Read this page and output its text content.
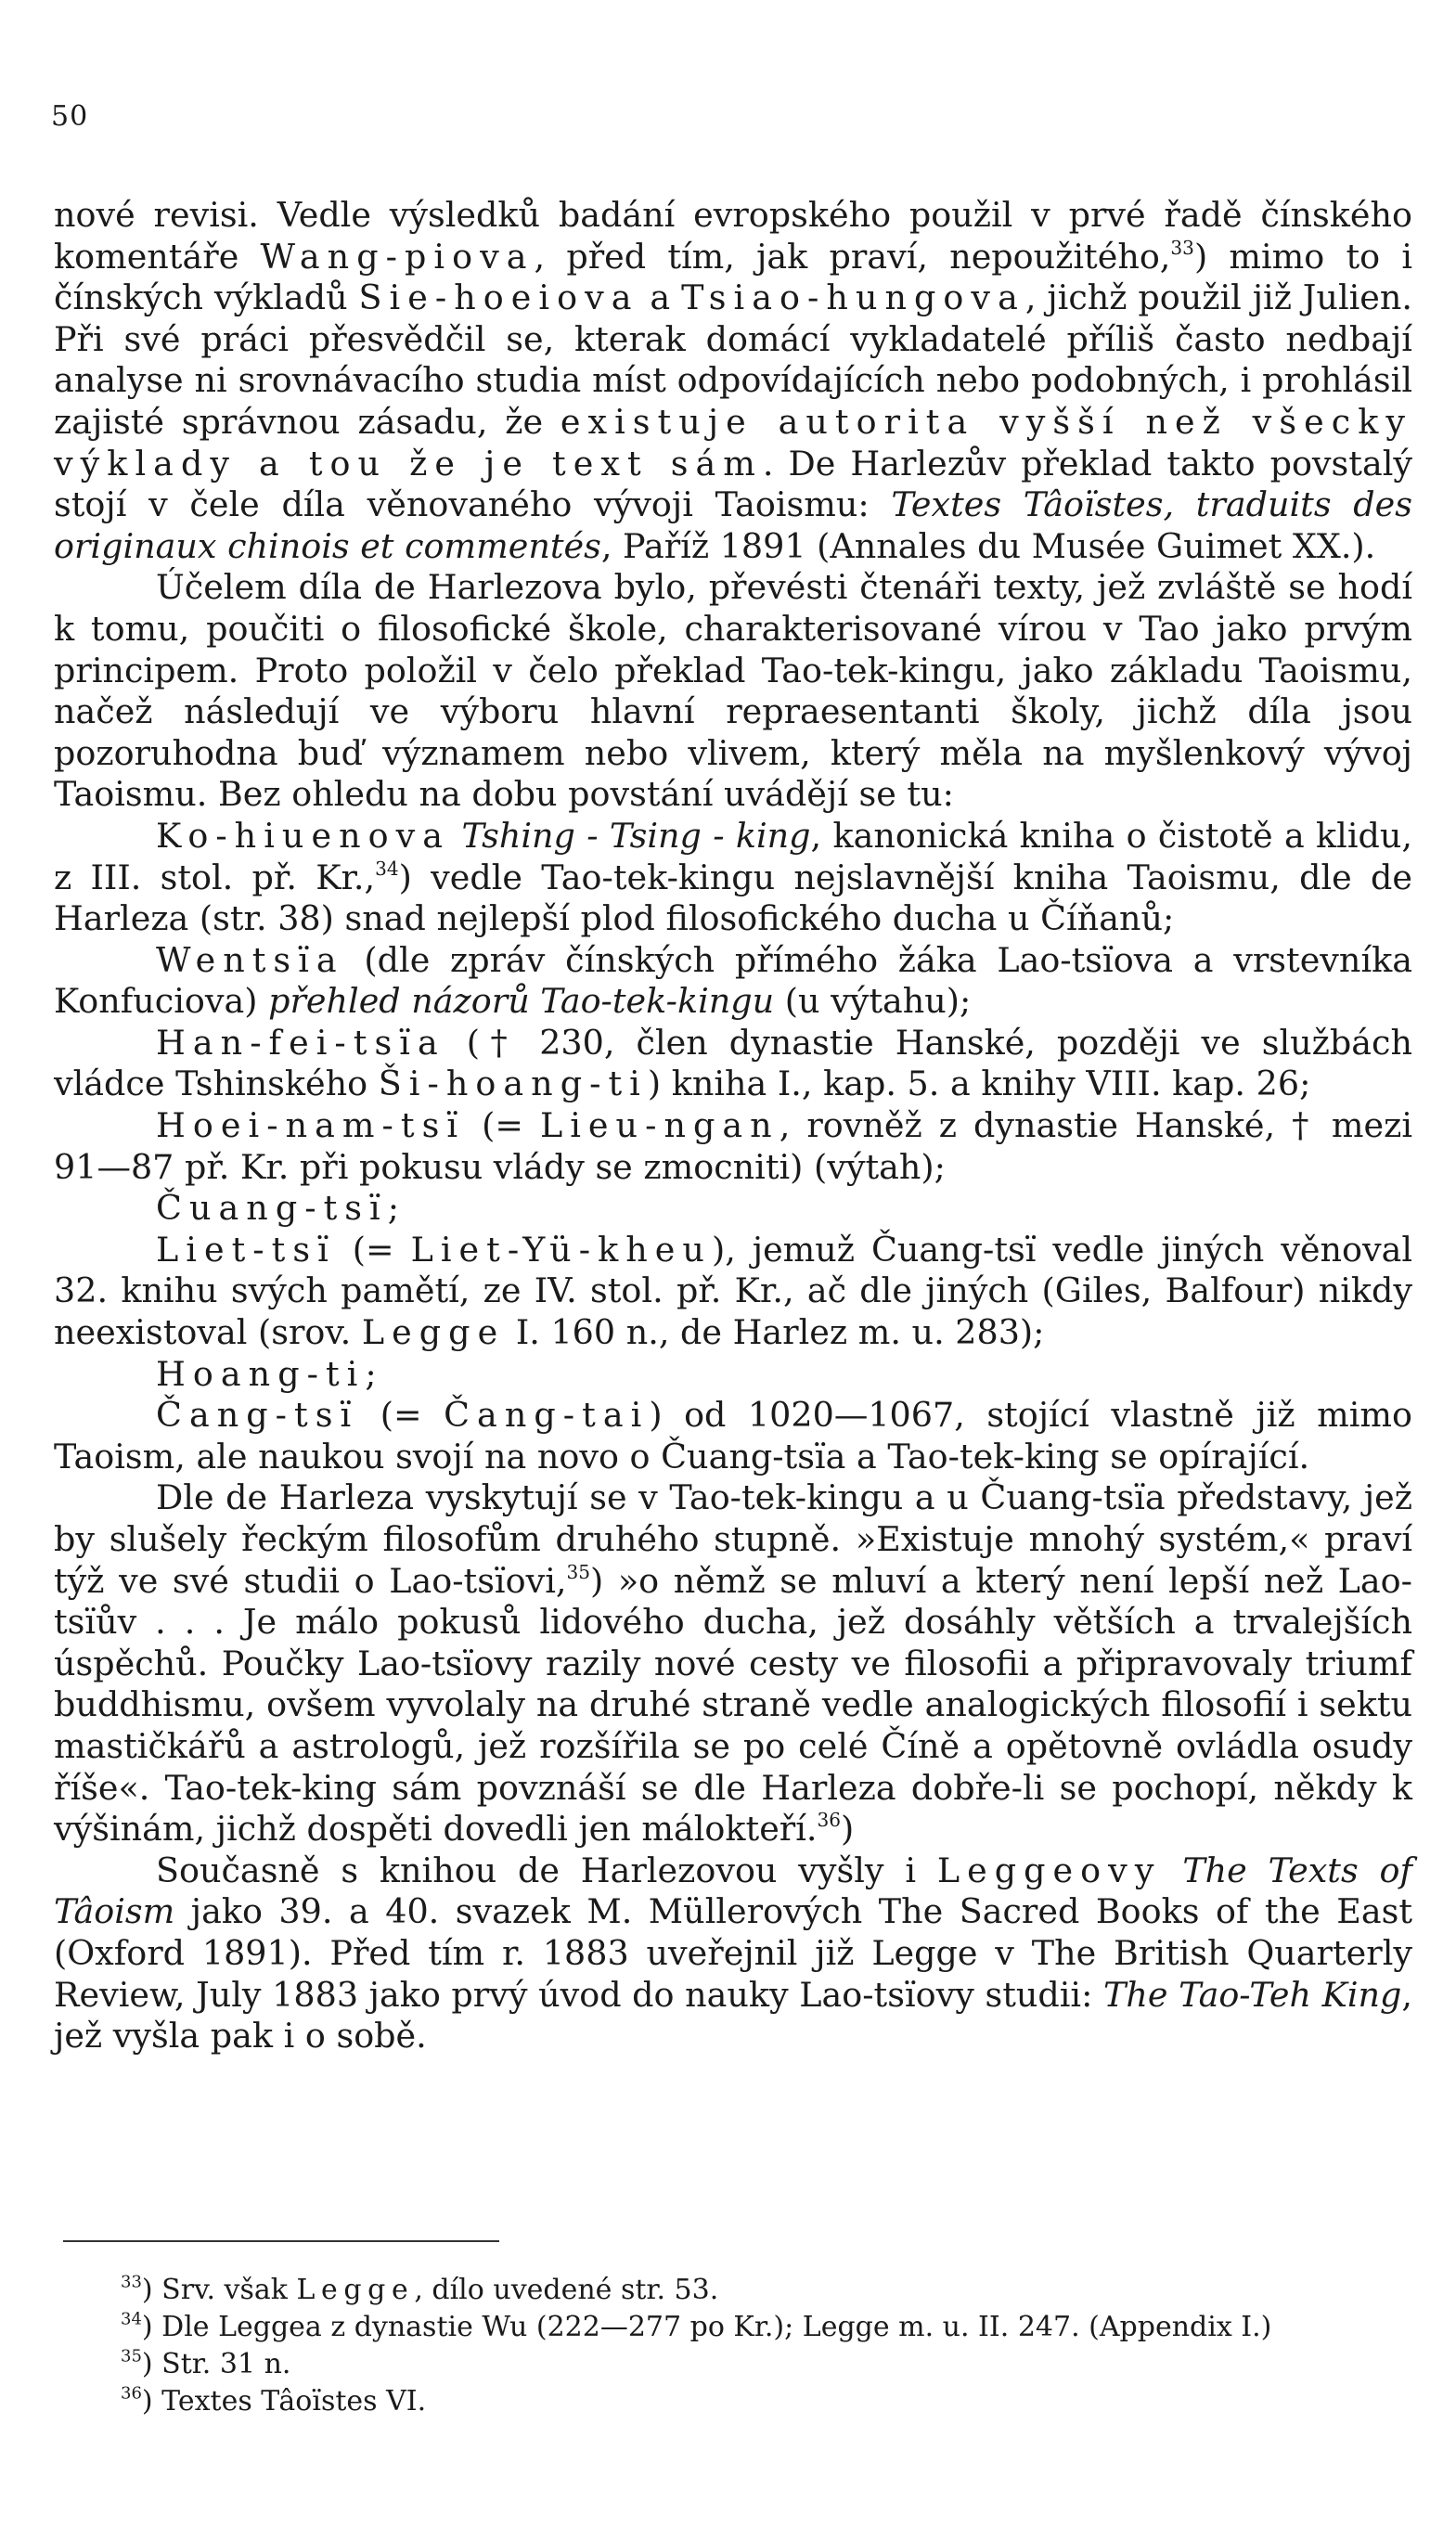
50

nové revisi. Vedle výsledků badání evropského použil v prvé řadě čínského komentáře Wang-piova, před tím, jak praví, nepoužitého,$^{33}$) mimo to i čínských výkladů Sie-hoeiova a Tsiao-hungova, jichž použil již Julien. Při své práci přesvědčil se, kterak domácí vykladatelé příliš často nedbají analyse ni srovnávacího studia míst odpovídajících nebo podobných, i prohlásil zajisté správnou zásadu, že existuje autorita vyšší než všecky výklady a tou že je text sám. De Harlezův překlad takto povstalý stojí v čele díla věnovaného vývoji Taoismu: Textes Tâoïstes, traduits des originaux chinois et commentés, Paříž 1891 (Annales du Musée Guimet XX.).

Účelem díla de Harlezova bylo, převésti čtenáři texty, jež zvláště se hodí k tomu, poučiti o filosofické škole, charakterisované vírou v Tao jako prvým principem. Proto položil v čelo překlad Tao-tek-kingu, jako základu Taoismu, načež následují ve výboru hlavní repraesentanti školy, jichž díla jsou pozoruhodna buď významem nebo vlivem, který měla na myšlenkový vývoj Taoismu. Bez ohledu na dobu povstání uvádějí se tu:

Ko-hiuenova Tshing - Tsing - king, kanonická kniha o čistotě a klidu, z III. stol. př. Kr.,$^{34}$) vedle Tao-tek-kingu nejslavnější kniha Taoismu, dle de Harleza (str. 38) snad nejlepší plod filosofického ducha u Číňanů;

Wentsïa (dle zpráv čínských přímého žáka Lao-tsïova a vrstevníka Konfuciova) přehled názorů Tao-tek-kingu (u výtahu);

Han-fei-tsïa († 230, člen dynastie Hanské, později ve službách vládce Tshinského Ši-hoang-ti) kniha I., kap. 5. a knihy VIII. kap. 26;

Hoei-nam-tsï (= Lieu-ngan, rovněž z dynastie Hanské, † mezi 91—87 př. Kr. při pokusu vlády se zmocniti) (výtah);

Čuang-tsï;

Liet-tsï (= Liet-Yü-kheu), jemuž Čuang-tsï vedle jiných věnoval 32. knihu svých pamětí, ze IV. stol. př. Kr., ač dle jiných (Giles, Balfour) nikdy neexistoval (srov. Legge I. 160 n., de Harlez m. u. 283);

Hoang-ti;

Čang-tsï (= Čang-tai) od 1020—1067, stojící vlastně již mimo Taoism, ale naukou svojí na novo o Čuang-tsïa a Tao-tek-king se opírající.

Dle de Harleza vyskytují se v Tao-tek-kingu a u Čuang-tsïa představy, jež by slušely řeckým filosofům druhého stupně. »Existuje mnohý systém,« praví týž ve své studii o Lao-tsïovi,$^{35}$) »o němž se mluví a který není lepší než Lao-tsïův . . . Je málo pokusů lidového ducha, jež dosáhly větších a trvalejších úspěchů. Poučky Lao-tsïovy razily nové cesty ve filosofii a připravovaly triumf buddhismu, ovšem vyvolaly na druhé straně vedle analogických filosofií i sektu mastičkářů a astrologů, jež rozšířila se po celé Číně a opětovně ovládla osudy říše«. Tao-tek-king sám povznáší se dle Harleza dobře-li se pochopí, někdy k výšinám, jichž dospěti dovedli jen málokteří.$^{36}$)

Současně s knihou de Harlezovou vyšly i Leggeovy The Texts of Tâoism jako 39. a 40. svazek M. Müllerových The Sacred Books of the East (Oxford 1891). Před tím r. 1883 uveřejnil již Legge v The British Quarterly Review, July 1883 jako prvý úvod do nauky Lao-tsïovy studii: The Tao-Teh King, jež vyšla pak i o sobě.

$^{33}$) Srv. však Legge, dílo uvedené str. 53.
$^{34}$) Dle Leggea z dynastie Wu (222—277 po Kr.); Legge m. u. II. 247. (Appendix I.)
$^{35}$) Str. 31 n.
$^{36}$) Textes Tâoïstes VI.
